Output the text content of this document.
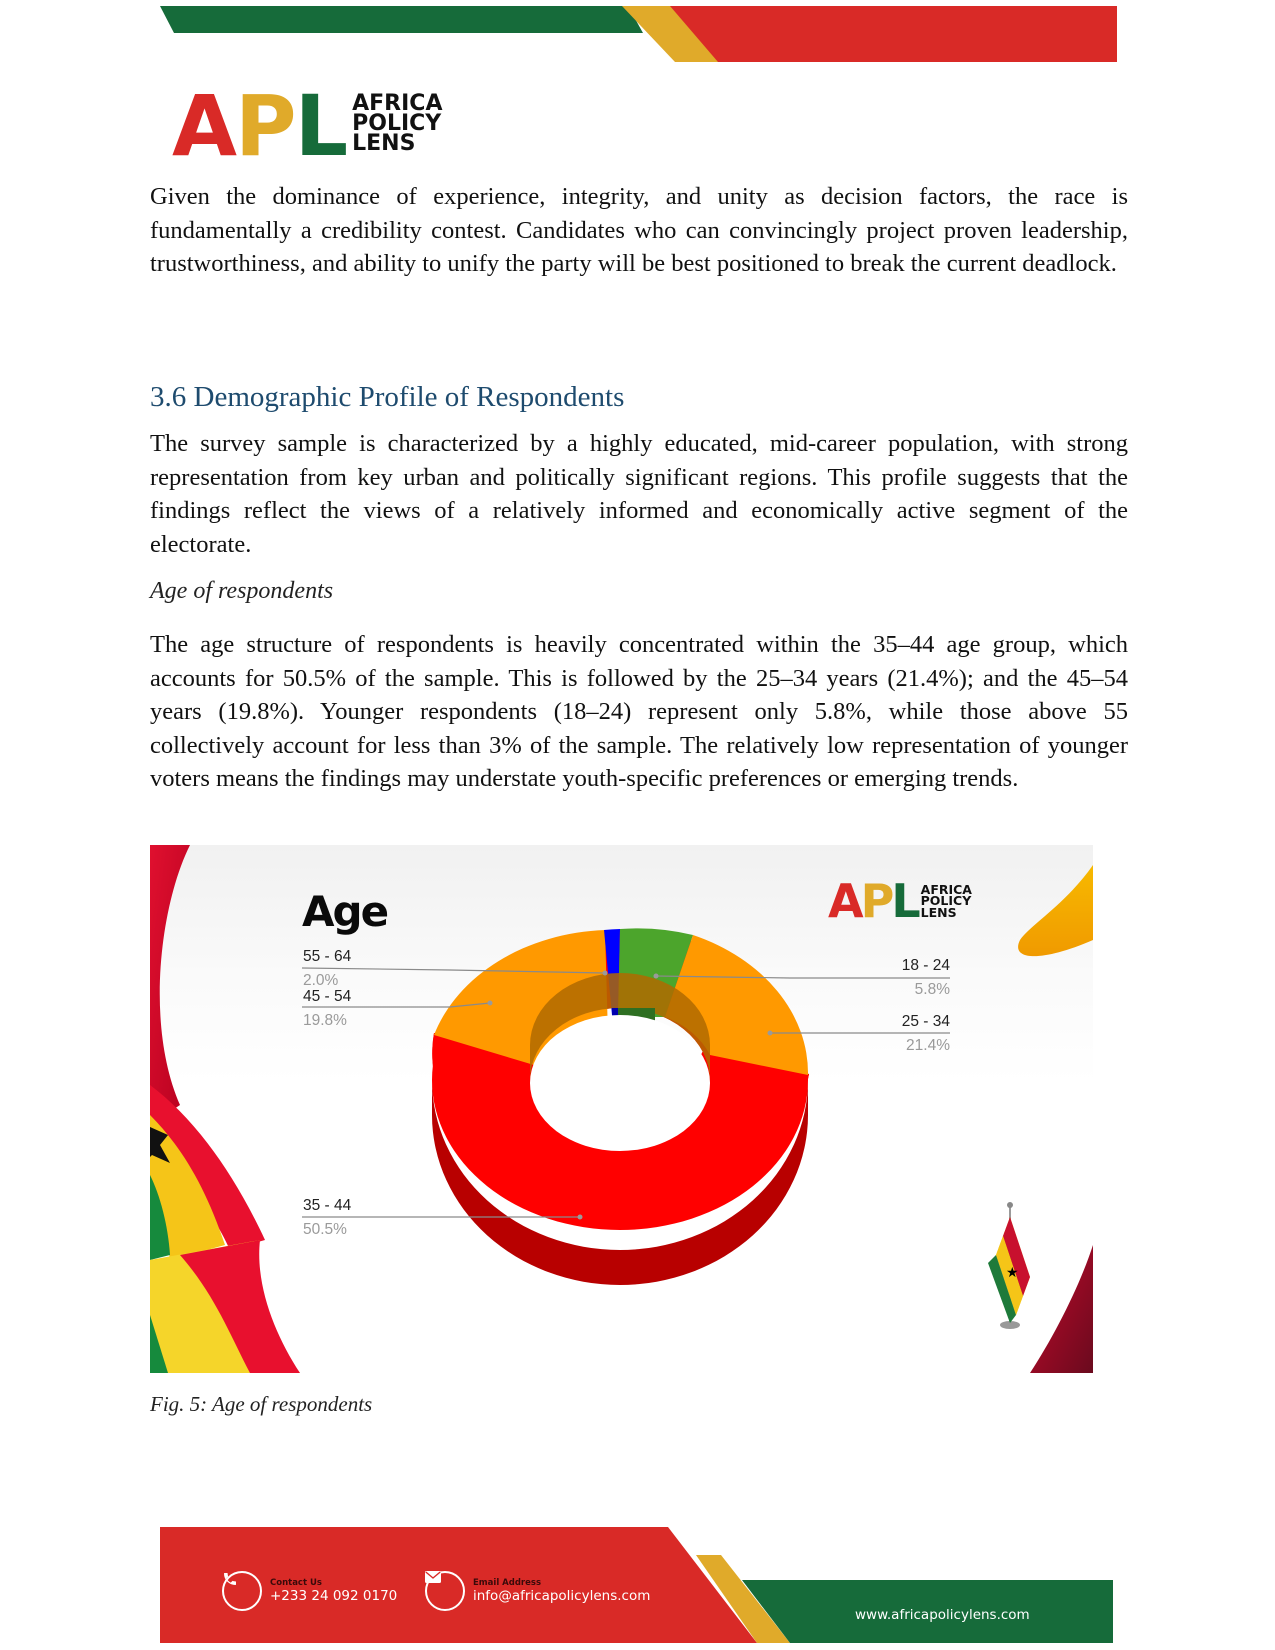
A P L AFRICA
POLICY
LENS

Given the dominance of experience, integrity, and unity as decision factors, the race is fundamentally a credibility contest. Candidates who can convincingly project proven leadership, trustworthiness, and ability to unify the party will be best positioned to break the current deadlock.

3.6 Demographic Profile of Respondents

The survey sample is characterized by a highly educated, mid-career population, with strong representation from key urban and politically significant regions. This profile suggests that the findings reflect the views of a relatively informed and economically active segment of the electorate.

Age of respondents

The age structure of respondents is heavily concentrated within the 35–44 age group, which accounts for 50.5% of the sample. This is followed by the 25–34 years (21.4%); and the 45–54 years (19.8%). Younger respondents (18–24) represent only 5.8%, while those above 55 collectively account for less than 3% of the sample. The relatively low representation of younger voters means the findings may understate youth-specific preferences or emerging trends.

★
Age	A P L AFRICA
POLICY
LENS
55 - 64
2.0%
45 - 54
19.8%
35 - 44
50.5%
18 - 24
5.8%
25 - 34
21.4%
Fig. 5: Age of respondents
Contact Us
+233 24 092 0170
Email Address
info@africapolicylens.com
www.africapolicylens.com
